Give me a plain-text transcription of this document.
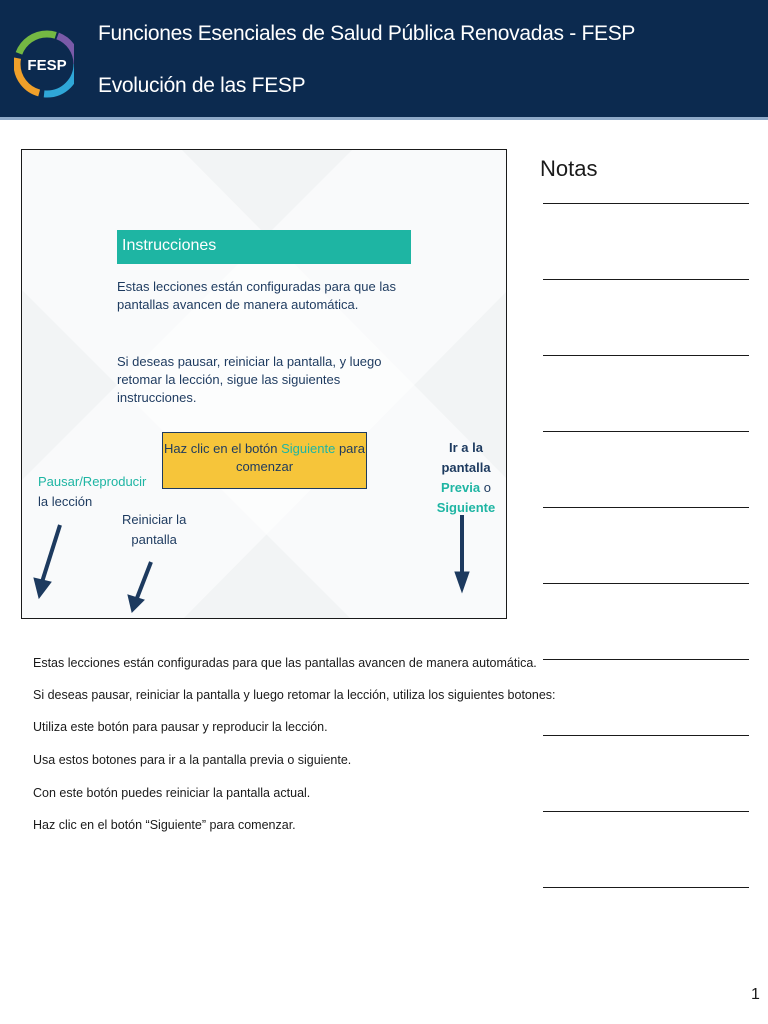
FESP
Funciones Esenciales de Salud Pública Renovadas - FESP
Evolución de las FESP
Instrucciones
Estas lecciones están configuradas para que las pantallas avancen de manera automática.
Si deseas pausar, reiniciar la pantalla, y luego retomar la lección, sigue las siguientes instrucciones.
Haz clic en el botón Siguiente para comenzar
Pausar/Reproducir
la lección
Reiniciar la
pantalla
Ir a la pantalla
Previa o
Siguiente
Notas
Estas lecciones están configuradas para que las pantallas avancen de manera automática.
Si deseas pausar, reiniciar la pantalla y luego retomar la lección, utiliza los siguientes botones:
Utiliza este botón para pausar y reproducir la lección.
Usa estos botones para ir a la pantalla previa o siguiente.
Con este botón puedes reiniciar la pantalla actual.
Haz clic en el botón “Siguiente” para comenzar.
1
